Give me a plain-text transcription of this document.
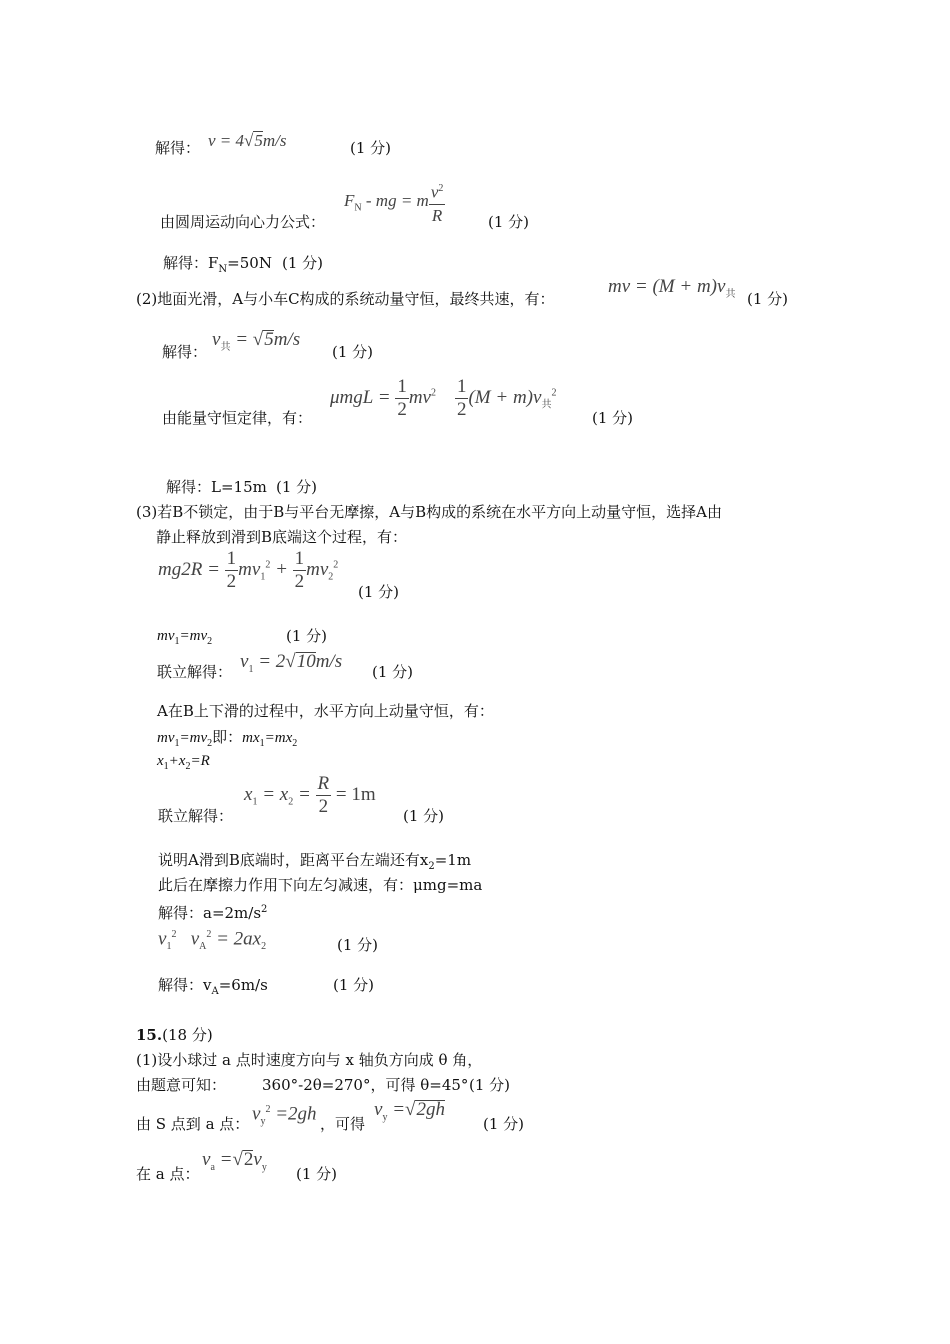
解得： v = 4√5m/s	(1 分)
由圆周运动向心力公式：
$F_N$ - mg = m $\frac{v^2}{R}$	(1 分)
解得：$F_N=50N$ (1 分)
(2)地面光滑，A与小车C构成的系统动量守恒，最终共速，有：
mv = $(M + m)v_共$ (1 分)
解得：
$v_共 = √5m/s$
(1 分)
由能量守恒定律，有：
$\mu mgL = \frac{1}{2} mv^2 \frac{1}{2} (M + m)v_共^2$
(1 分)
解得：L=15m (1 分)
(3)若B不锁定，由于B与平台无摩擦，A与B构成的系统在水平方向上动量守恒，选择A由
静止释放到滑到B底端这个过程，有：
$mg2R = \frac{1}{2} mv_1^2 + \frac{1}{2} mv_2^2$
(1 分)
$mv_1=mv_2$	(1 分)
联立解得： $v_1 = 2√10m/s$ (1 分)
A在B上下滑的过程中，水平方向上动量守恒，有：
$mv_1=mv_2$即：$mx_1=mx_2$
$x_1+x_2=R$
联立解得：
$x_1 = x_2 = \frac{R}{2} = 1m$
(1 分)
说明A滑到B底端时，距离平台左端还有$x_2=1m$
此后在摩擦力作用下向左匀减速，有：μmg=ma
解得：$a=2m/s^2$
$v_1^2$   $v_A^2 = 2ax_2$	(1 分)
解得：$v_A=6m/s$	(1 分)
15.(18 分)
(1)设小球过 a 点时速度方向与 x 轴负方向成 θ 角，
由题意可知： 360°-2θ=270°，可得 θ=45° (1 分)
由 S 点到 a 点： $v_y^2 =2gh$ ，可得
$v_y =√2gh$
(1 分)
在 a 点：
$v_a =√2v_y$ (1 分)
